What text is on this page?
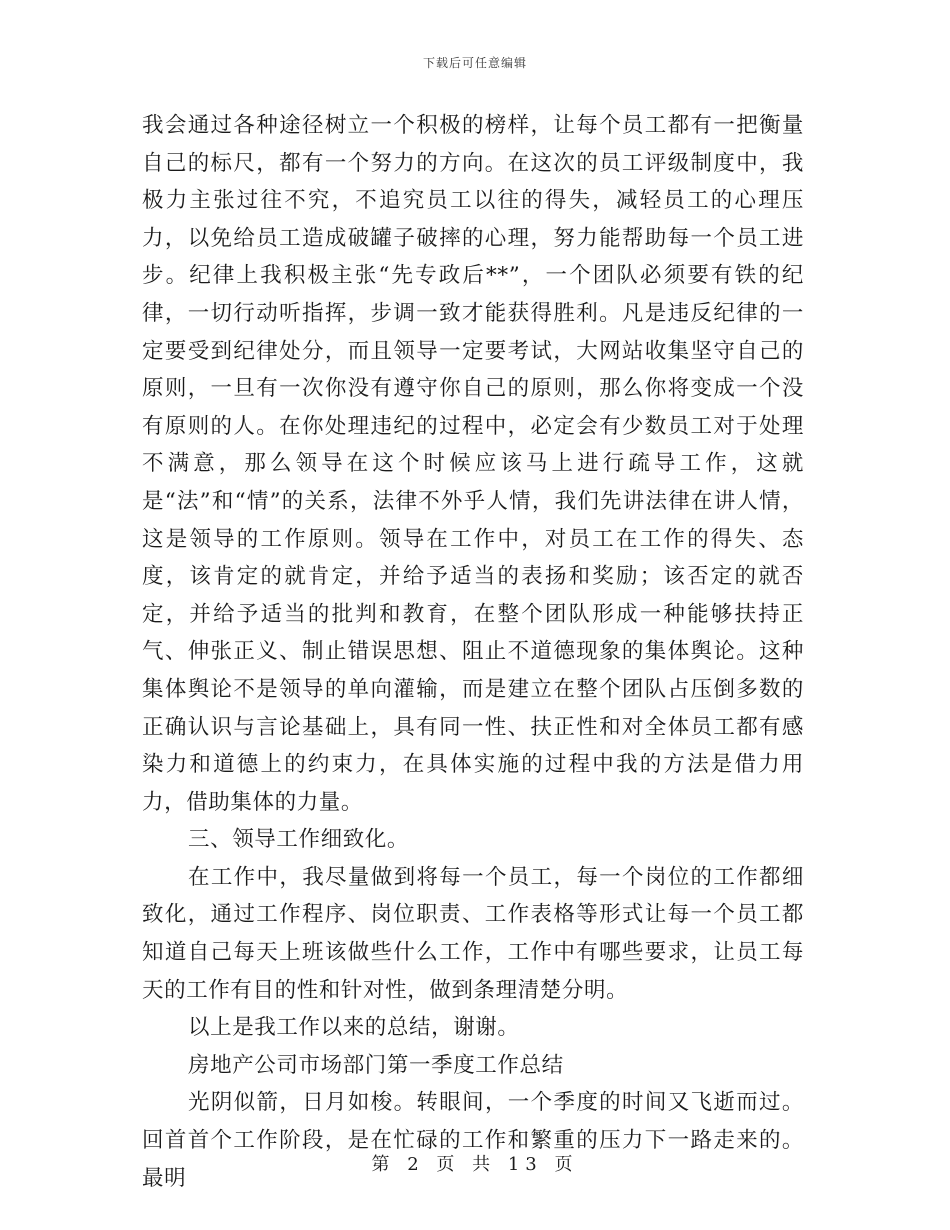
下载后可任意编辑

我会通过各种途径树立一个积极的榜样，让每个员工都有一把衡量自己的标尺，都有一个努力的方向。在这次的员工评级制度中，我极力主张过往不究，不追究员工以往的得失，减轻员工的心理压力，以免给员工造成破罐子破摔的心理，努力能帮助每一个员工进步。纪律上我积极主张“先专政后**”，一个团队必须要有铁的纪律，一切行动听指挥，步调一致才能获得胜利。凡是违反纪律的一定要受到纪律处分，而且领导一定要考试，大网站收集坚守自己的原则，一旦有一次你没有遵守你自己的原则，那么你将变成一个没有原则的人。在你处理违纪的过程中，必定会有少数员工对于处理不满意，那么领导在这个时候应该马上进行疏导工作，这就是“法”和“情”的关系，法律不外乎人情，我们先讲法律在讲人情，这是领导的工作原则。领导在工作中，对员工在工作的得失、态度，该肯定的就肯定，并给予适当的表扬和奖励；该否定的就否定，并给予适当的批判和教育，在整个团队形成一种能够扶持正气、伸张正义、制止错误思想、阻止不道德现象的集体舆论。这种集体舆论不是领导的单向灌输，而是建立在整个团队占压倒多数的正确认识与言论基础上，具有同一性、扶正性和对全体员工都有感染力和道德上的约束力，在具体实施的过程中我的方法是借力用力，借助集体的力量。

三、领导工作细致化。

在工作中，我尽量做到将每一个员工，每一个岗位的工作都细致化，通过工作程序、岗位职责、工作表格等形式让每一个员工都知道自己每天上班该做些什么工作，工作中有哪些要求，让员工每天的工作有目的性和针对性，做到条理清楚分明。

以上是我工作以来的总结，谢谢。

房地产公司市场部门第一季度工作总结

光阴似箭，日月如梭。转眼间，一个季度的时间又飞逝而过。回首首个工作阶段，是在忙碌的工作和繁重的压力下一路走来的。最明

第 2 页 共 13 页
